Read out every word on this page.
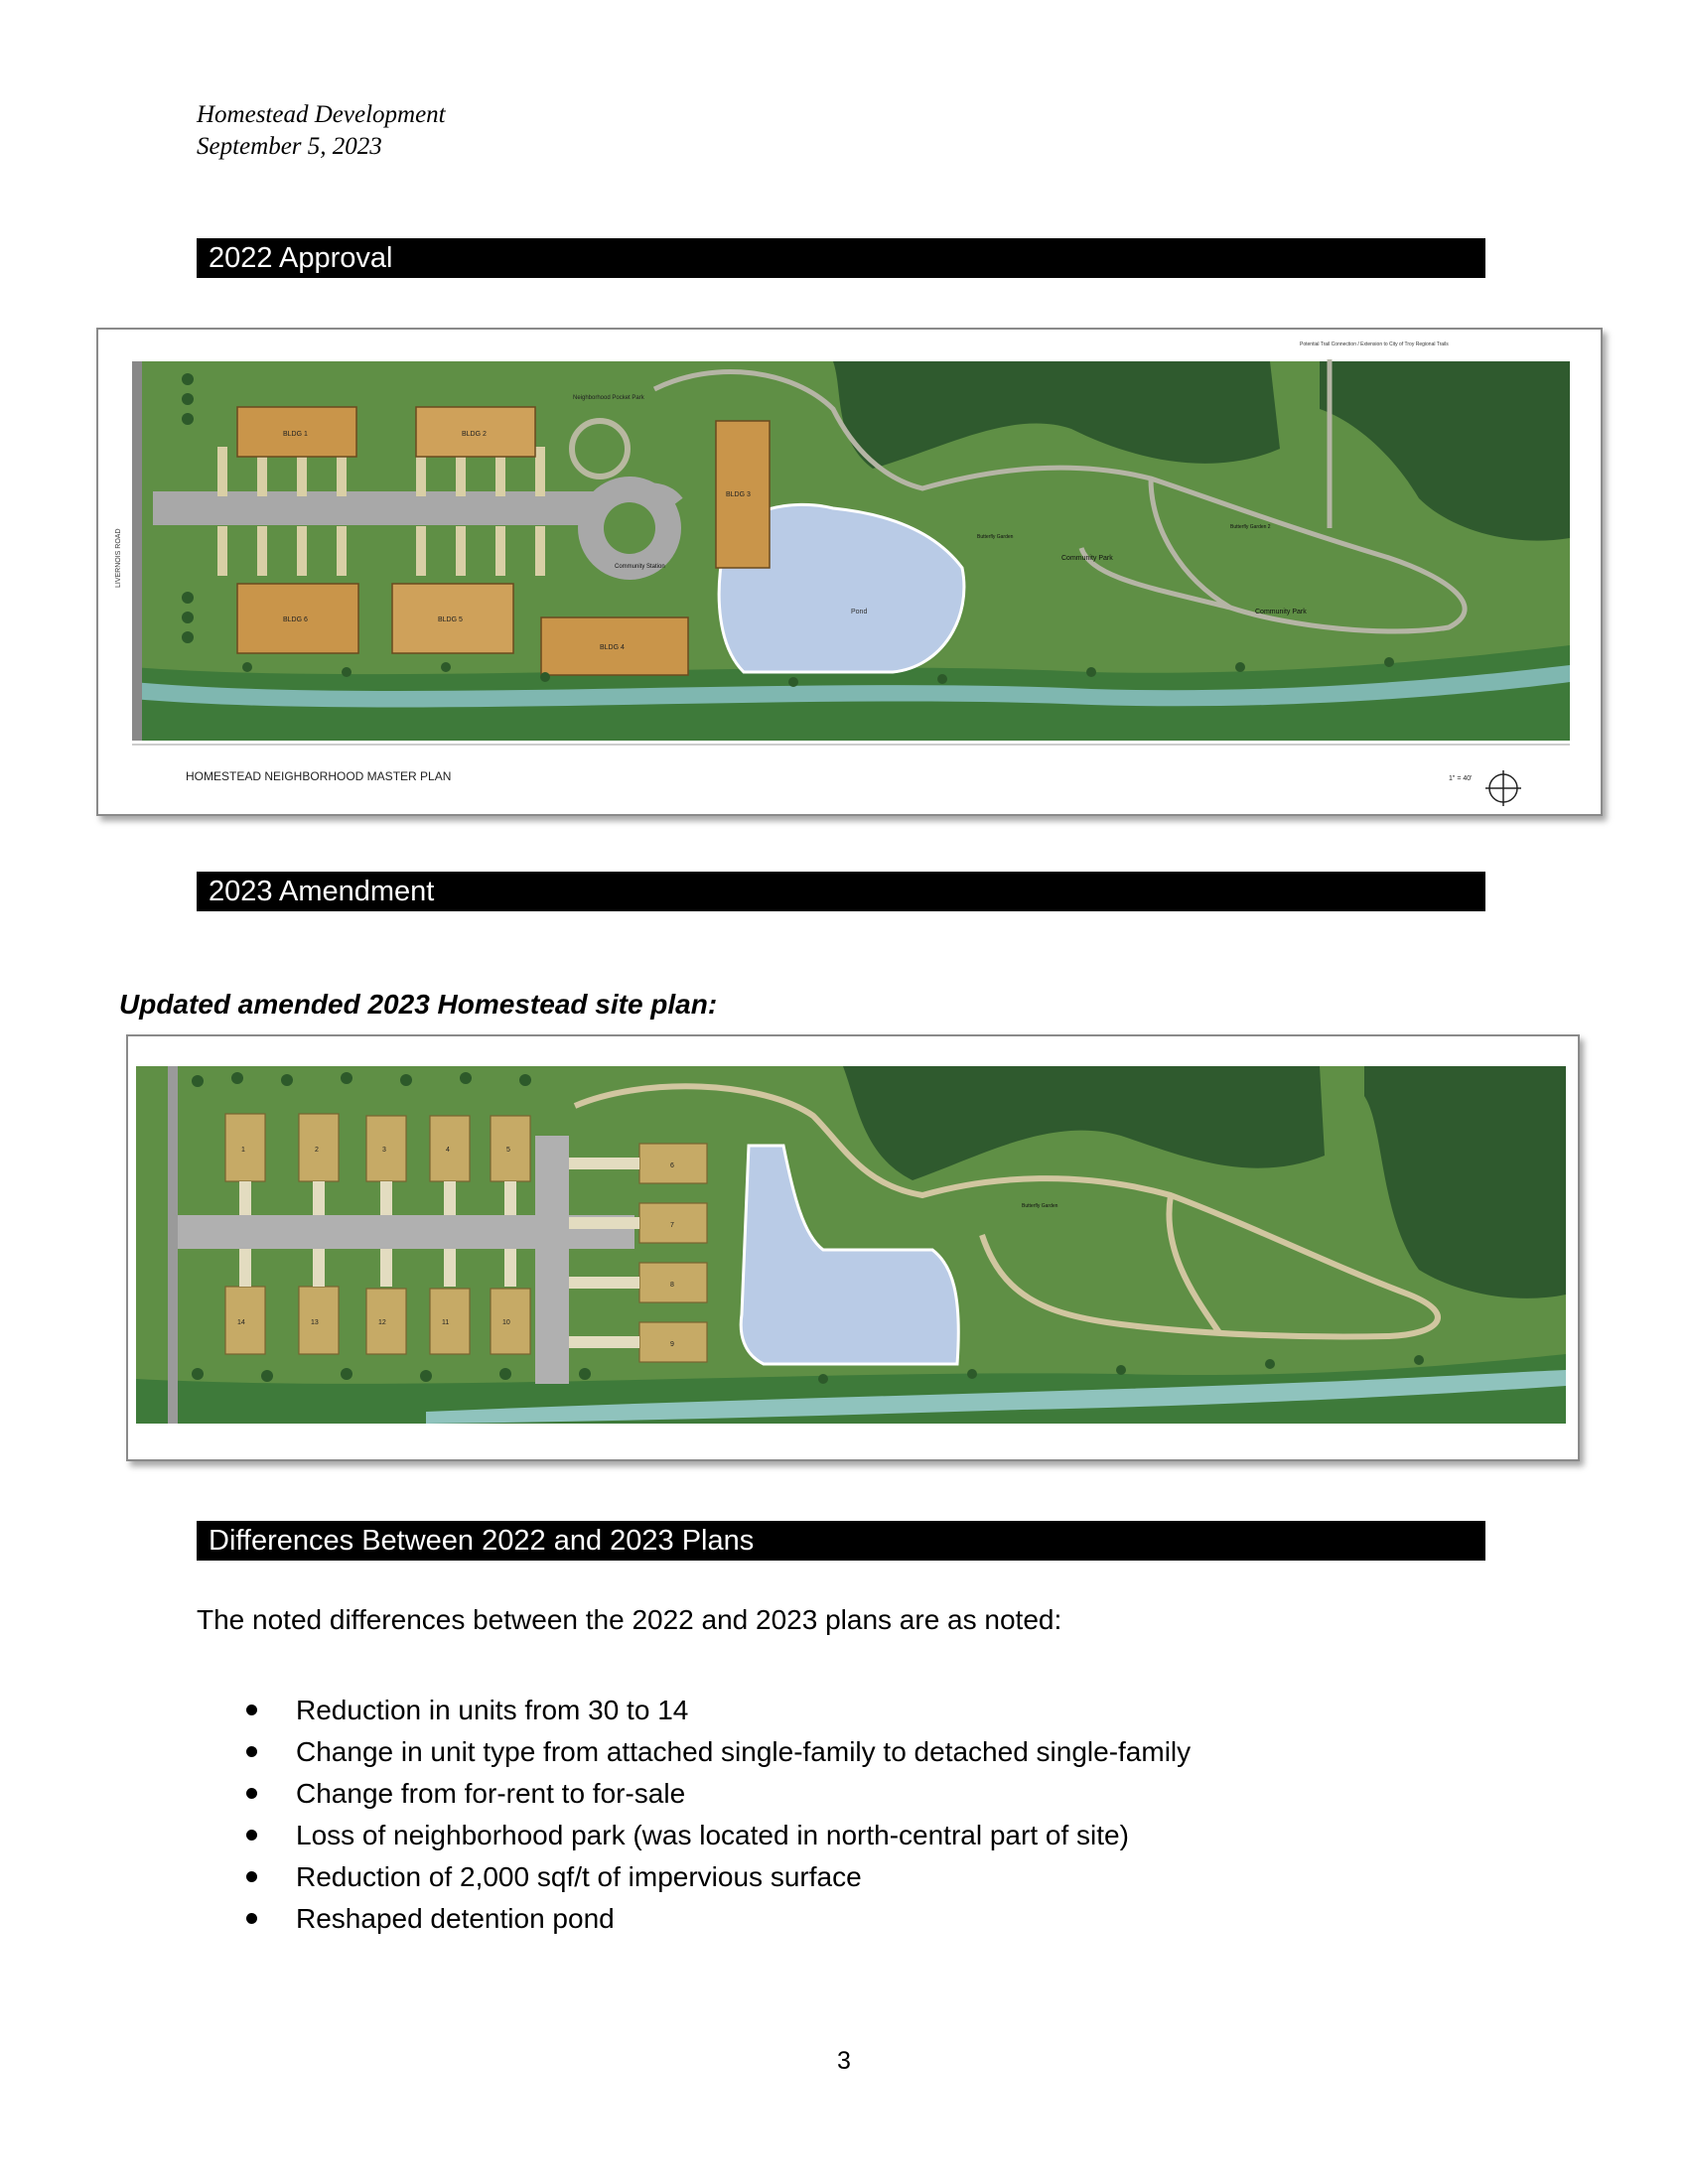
Homestead Development
September 5, 2023
2022 Approval
Pond
Community Station
LIVERNOIS ROAD
BLDG 1	BLDG 2
BLDG 3
BLDG 4
BLDG 5
BLDG 6
Neighborhood Pocket Park
Community Park
Community Park
Butterfly Garden
Butterfly Garden 2
Potential Trail Connection / Extension to City of Troy Regional Trails
HOMESTEAD NEIGHBORHOOD MASTER PLAN	1" = 40'
2023 Amendment
Updated amended 2023 Homestead site plan:
Butterfly Garden
1	2	3	4	5
14	13	12	11	10
6
7
8
9
Differences Between 2022 and 2023 Plans
The noted differences between the 2022 and 2023 plans are as noted:
Reduction in units from 30 to 14
Change in unit type from attached single-family to detached single-family
Change from for-rent to for-sale
Loss of neighborhood park (was located in north-central part of site)
Reduction of 2,000 sqf/t of impervious surface
Reshaped detention pond
3
